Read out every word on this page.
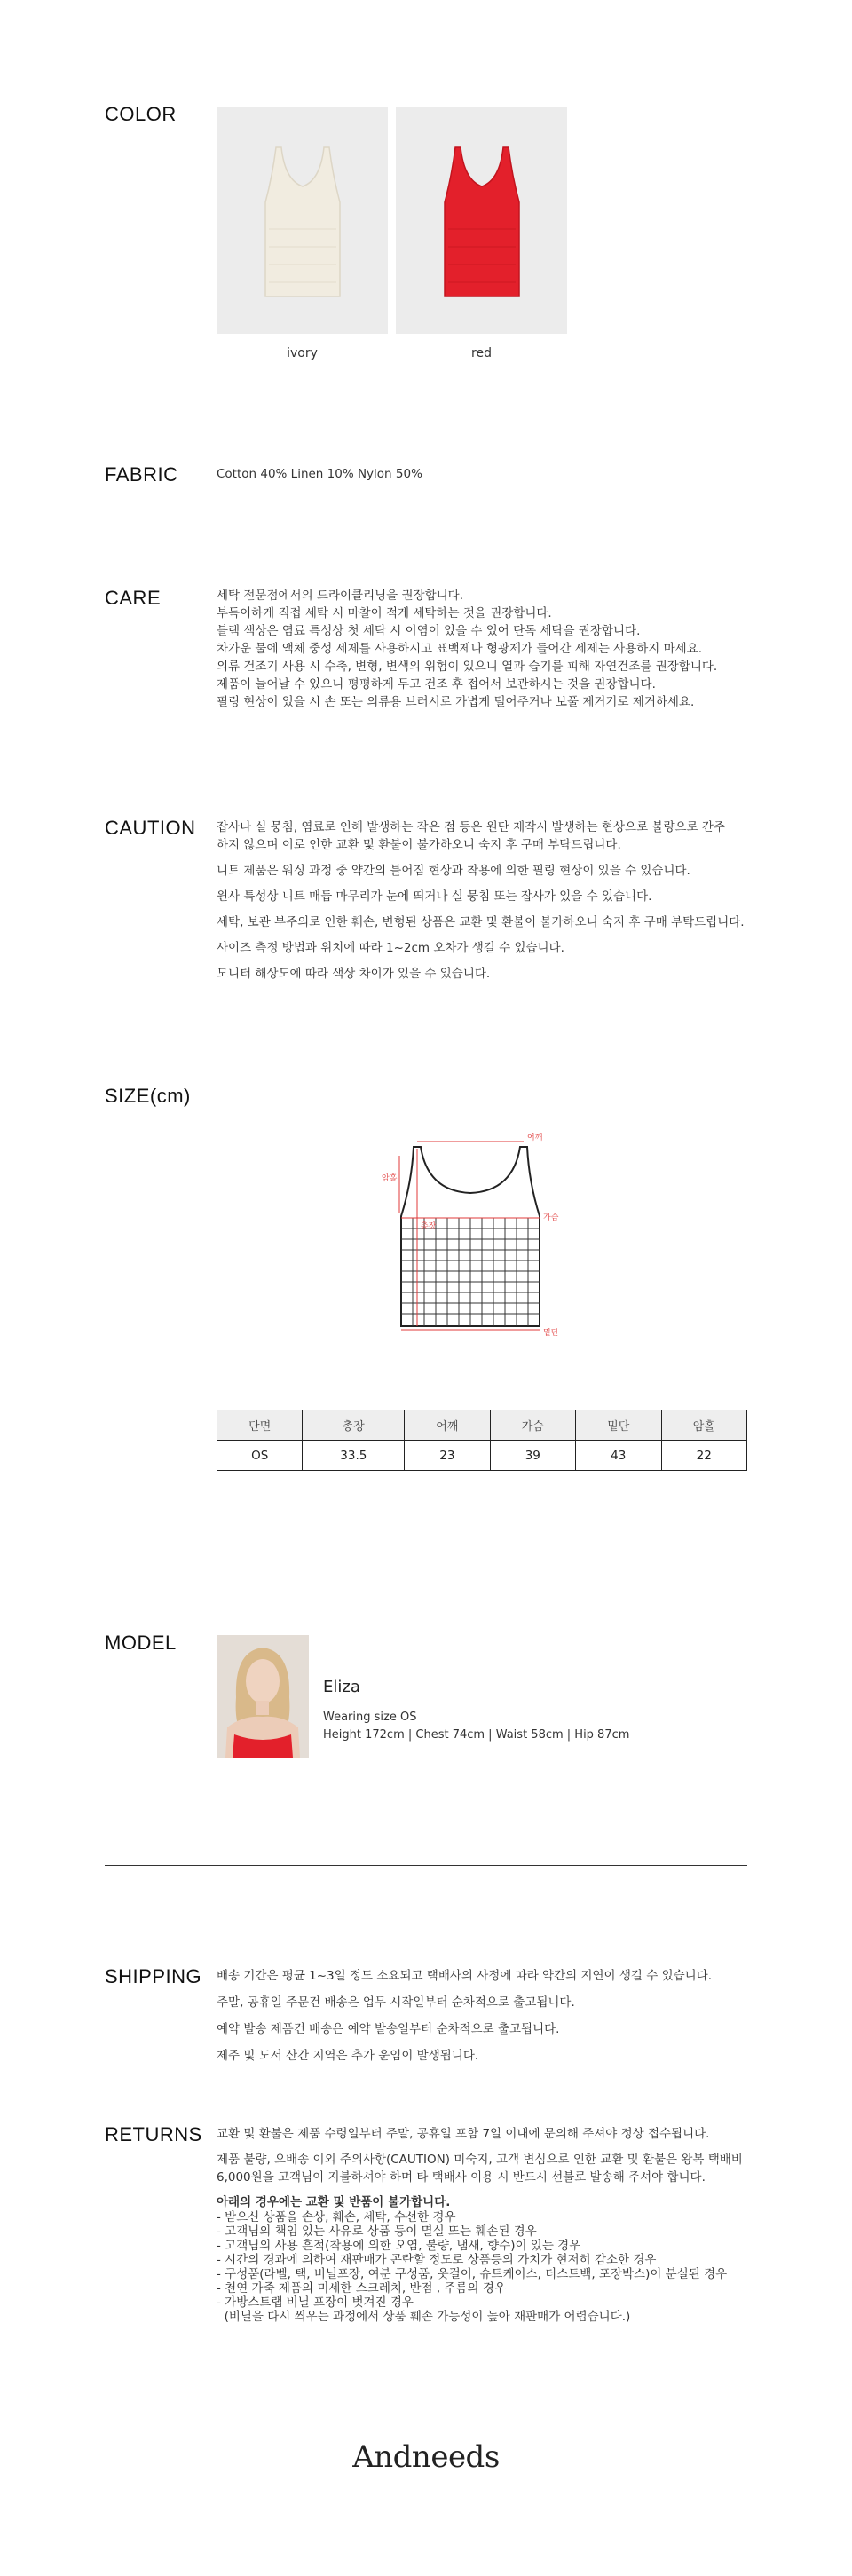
COLOR
ivory	red
FABRIC	Cotton 40% Linen 10% Nylon 50%
CARE	세탁 전문점에서의 드라이클리닝을 권장합니다.
부득이하게 직접 세탁 시 마찰이 적게 세탁하는 것을 권장합니다.
블랙 색상은 염료 특성상 첫 세탁 시 이염이 있을 수 있어 단독 세탁을 권장합니다.
차가운 물에 액체 중성 세제를 사용하시고 표백제나 형광제가 들어간 세제는 사용하지 마세요.
의류 건조기 사용 시 수축, 변형, 변색의 위험이 있으니 열과 습기를 피해 자연건조를 권장합니다.
제품이 늘어날 수 있으니 평평하게 두고 건조 후 접어서 보관하시는 것을 권장합니다.
필링 현상이 있을 시 손 또는 의류용 브러시로 가볍게 털어주거나 보풀 제거기로 제거하세요.
CAUTION 잡사나 실 뭉침, 염료로 인해 발생하는 작은 점 등은 원단 제작시 발생하는 현상으로 불량으로 간주
하지 않으며 이로 인한 교환 및 환불이 불가하오니 숙지 후 구매 부탁드립니다.
니트 제품은 워싱 과정 중 약간의 틀어짐 현상과 착용에 의한 필링 현상이 있을 수 있습니다.
원사 특성상 니트 매듭 마무리가 눈에 띄거나 실 뭉침 또는 잡사가 있을 수 있습니다.
세탁, 보관 부주의로 인한 훼손, 변형된 상품은 교환 및 환불이 불가하오니 숙지 후 구매 부탁드립니다.
사이즈 측정 방법과 위치에 따라 1~2cm 오차가 생길 수 있습니다.
모니터 해상도에 따라 색상 차이가 있을 수 있습니다.
SIZE(cm)
어깨
암홀
가슴
총장
밑단
단면	총장	어깨	가슴	밑단	암홀
OS	33.5	23	39	43	22
MODEL
Eliza
Wearing size OS
Height 172cm | Chest 74cm | Waist 58cm | Hip 87cm
SHIPPING 배송 기간은 평균 1~3일 정도 소요되고 택배사의 사정에 따라 약간의 지연이 생길 수 있습니다.
주말, 공휴일 주문건 배송은 업무 시작일부터 순차적으로 출고됩니다.
예약 발송 제품건 배송은 예약 발송일부터 순차적으로 출고됩니다.
제주 및 도서 산간 지역은 추가 운임이 발생됩니다.
RETURNS 교환 및 환불은 제품 수령일부터 주말, 공휴일 포함 7일 이내에 문의해 주셔야 정상 접수됩니다.
제품 불량, 오배송 이외 주의사항(CAUTION) 미숙지, 고객 변심으로 인한 교환 및 환불은 왕복 택배비
6,000원을 고객님이 지불하셔야 하며 타 택배사 이용 시 반드시 선불로 발송해 주셔야 합니다.
아래의 경우에는 교환 및 반품이 불가합니다.
- 받으신 상품을 손상, 훼손, 세탁, 수선한 경우
- 고객님의 책임 있는 사유로 상품 등이 멸실 또는 훼손된 경우
- 고객님의 사용 흔적(착용에 의한 오염, 불량, 냄새, 향수)이 있는 경우
- 시간의 경과에 의하여 재판매가 곤란할 정도로 상품등의 가치가 현저히 감소한 경우
- 구성품(라벨, 택, 비닐포장, 여분 구성품, 옷걸이, 슈트케이스, 더스트백, 포장박스)이 분실된 경우
- 천연 가죽 제품의 미세한 스크레치, 반점 , 주름의 경우
- 가방스트랩 비닐 포장이 벗겨진 경우
(비닐을 다시 씌우는 과정에서 상품 훼손 가능성이 높아 재판매가 어렵습니다.)
Andneeds
